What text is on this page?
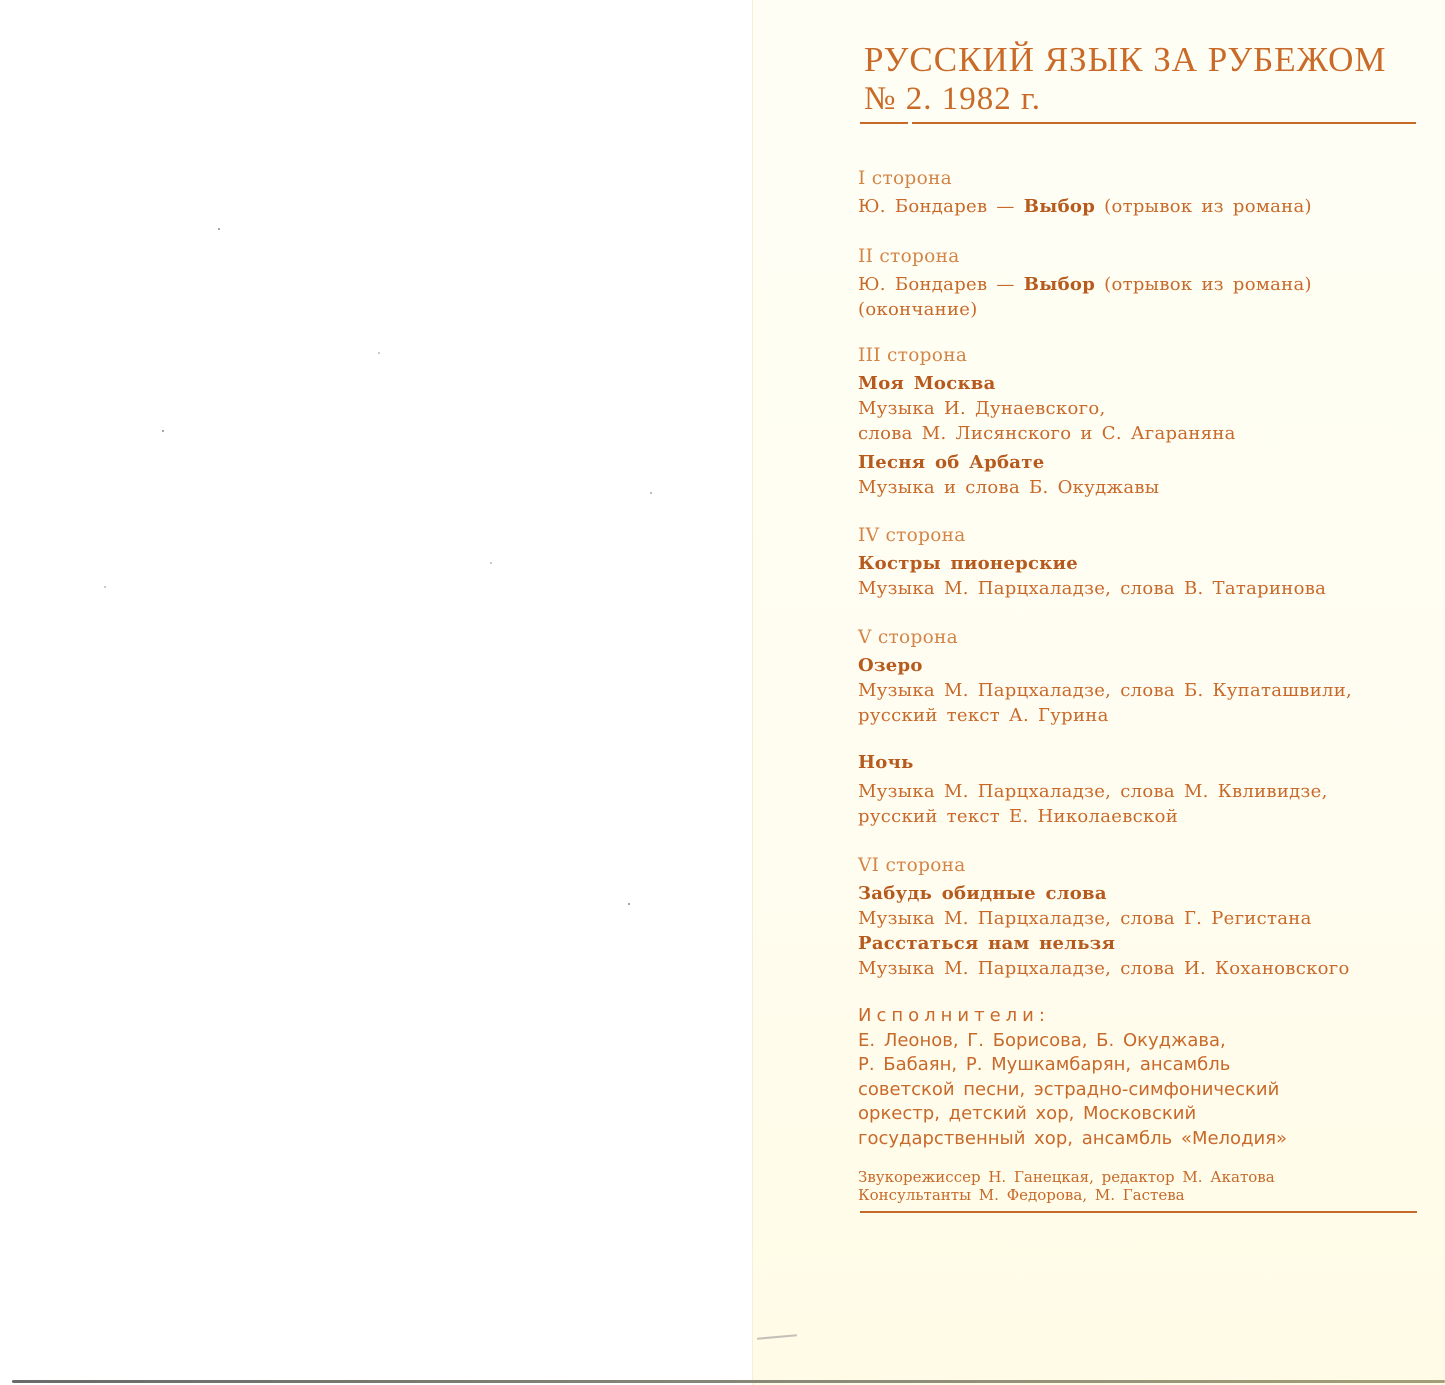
РУССКИЙ ЯЗЫК ЗА РУБЕЖОМ
№ 2. 1982 г.
I сторона
Ю. Бондарев — Выбор (отрывок из романа)
II сторона
Ю. Бондарев — Выбор (отрывок из романа)
(окончание)
III сторона
Моя Москва
Музыка И. Дунаевского,
слова М. Лисянского и С. Агараняна
Песня об Арбате
Музыка и слова Б. Окуджавы
IV сторона
Костры пионерские
Музыка М. Парцхаладзе, слова В. Татаринова
V сторона
Озеро
Музыка М. Парцхаладзе, слова Б. Купаташвили,
русский текст А. Гурина
Ночь
Музыка М. Парцхаладзе, слова М. Квливидзе,
русский текст Е. Николаевской
VI сторона
Забудь обидные слова
Музыка М. Парцхаладзе, слова Г. Регистана
Расстаться нам нельзя
Музыка М. Парцхаладзе, слова И. Кохановского
Исполнители:
Е. Леонов, Г. Борисова, Б. Окуджава,
Р. Бабаян, Р. Мушкамбарян, ансамбль
советской песни, эстрадно-симфонический
оркестр, детский хор, Московский
государственный хор, ансамбль «Мелодия»
Звукорежиссер Н. Ганецкая, редактор М. Акатова
Консультанты М. Федорова, М. Гастева
